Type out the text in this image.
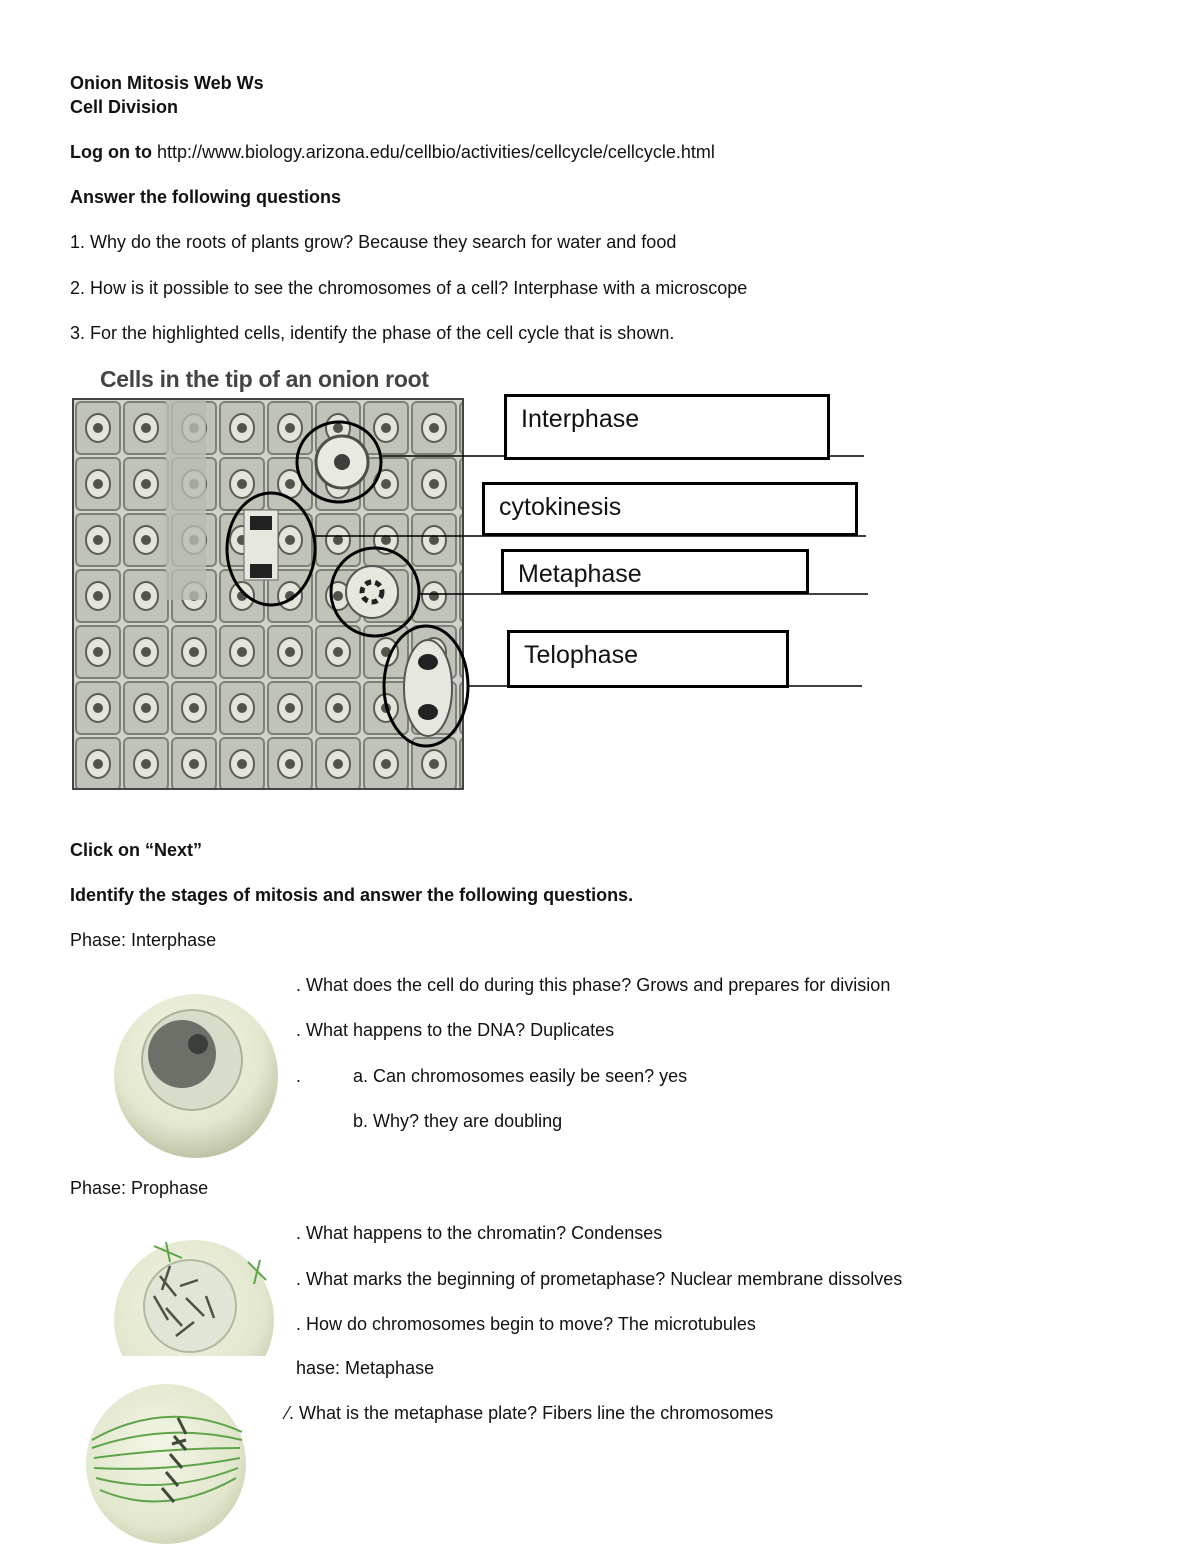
Onion Mitosis Web Ws
Cell Division
Log on to http://www.biology.arizona.edu/cellbio/activities/cellcycle/cellcycle.html
Answer the following questions
1. Why do the roots of plants grow? Because they search for water and food
2. How is it possible to see the chromosomes of a cell? Interphase with a microscope
3. For the highlighted cells, identify the phase of the cell cycle that is shown.
Cells in the tip of an onion root
Interphase
cytokinesis
Metaphase
Telophase
Click on “Next”
Identify the stages of mitosis and answer the following questions.
Phase: Interphase
. What does the cell do during this phase? Grows and prepares for division
. What happens to the DNA? Duplicates
.	a. Can chromosomes easily be seen? yes
b. Why? they are doubling
Phase: Prophase
. What happens to the chromatin? Condenses
. What marks the beginning of prometaphase? Nuclear membrane dissolves
. How do chromosomes begin to move? The microtubules
hase: Metaphase
⁄. What is the metaphase plate? Fibers line the chromosomes
